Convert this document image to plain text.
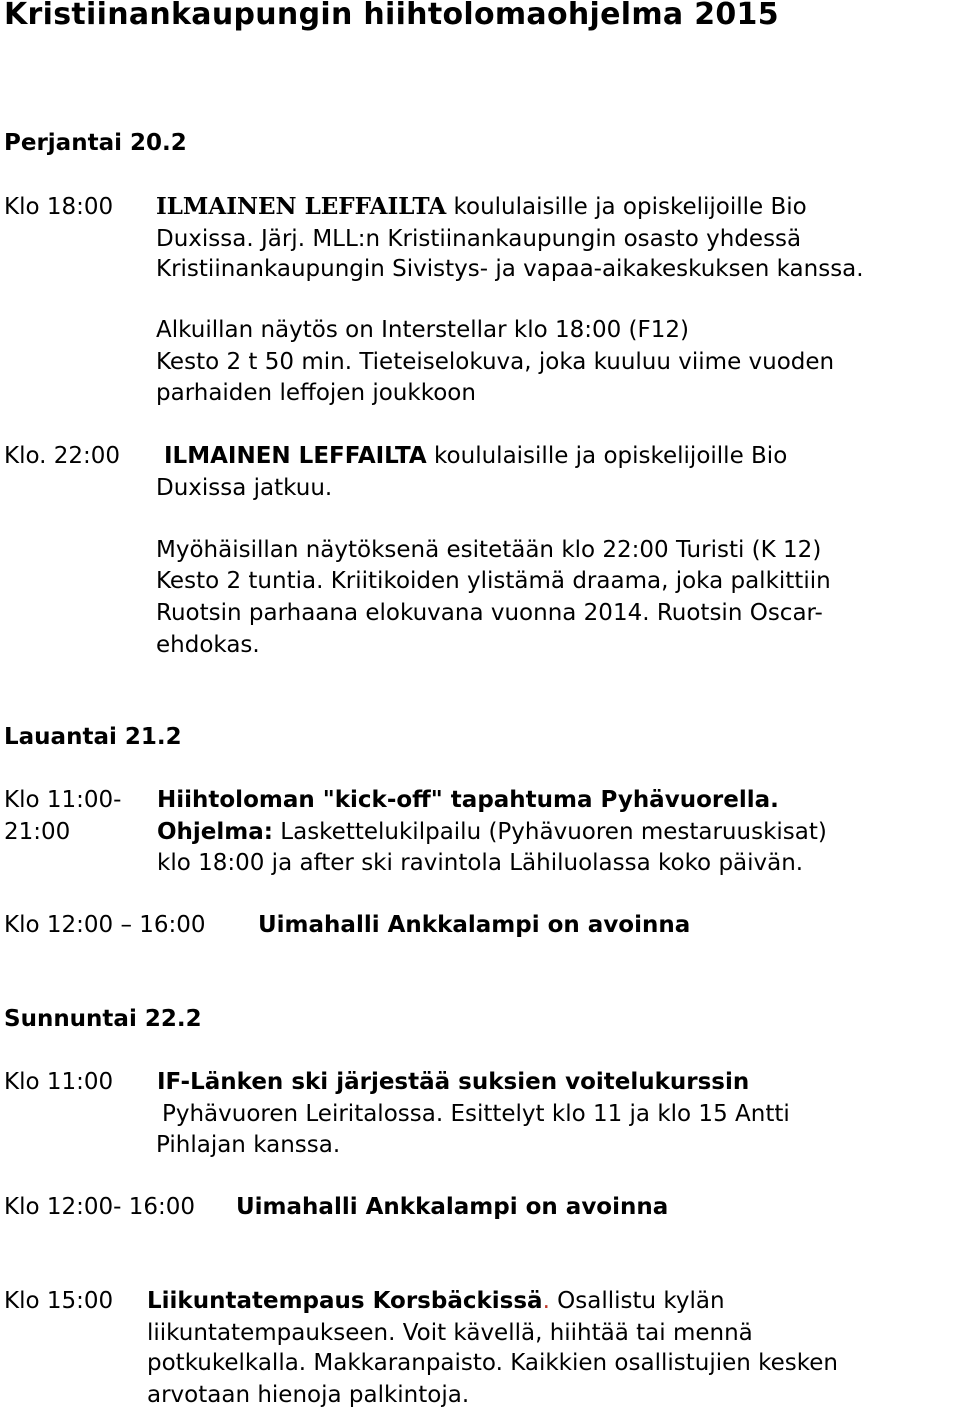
Kristiinankaupungin hiihtolomaohjelma 2015
Perjantai 20.2
Klo 18:00 ILMAINEN LEFFAILTA koululaisille ja opiskelijoille Bio
Duxissa. Järj. MLL:n Kristiinankaupungin osasto yhdessä
Kristiinankaupungin Sivistys- ja vapaa-aikakeskuksen kanssa.
Alkuillan näytös on Interstellar klo 18:00 (F12)
Kesto 2 t 50 min. Tieteiselokuva, joka kuuluu viime vuoden
parhaiden leffojen joukkoon
Klo. 22:00 ILMAINEN LEFFAILTA koululaisille ja opiskelijoille Bio
Duxissa jatkuu.
Myöhäisillan näytöksenä esitetään klo 22:00 Turisti (K 12)
Kesto 2 tuntia. Kriitikoiden ylistämä draama, joka palkittiin
Ruotsin parhaana elokuvana vuonna 2014. Ruotsin Oscar-
ehdokas.
Lauantai 21.2
Klo 11:00-
21:00
Hiihtoloman "kick-off" tapahtuma Pyhävuorella.
Ohjelma: Laskettelukilpailu (Pyhävuoren mestaruuskisat)
klo 18:00 ja after ski ravintola Lähiluolassa koko päivän.
Klo 12:00 – 16:00 Uimahalli Ankkalampi on avoinna
Sunnuntai 22.2
Klo 11:00 IF-Länken ski järjestää suksien voitelukurssin
Pyhävuoren Leiritalossa. Esittelyt klo 11 ja klo 15 Antti
Pihlajan kanssa.
Klo 12:00- 16:00 Uimahalli Ankkalampi on avoinna
Klo 15:00 Liikuntatempaus Korsbäckissä. Osallistu kylän
liikuntatempaukseen. Voit kävellä, hiihtää tai mennä
potkukelkalla. Makkaranpaisto. Kaikkien osallistujien kesken
arvotaan hienoja palkintoja.
